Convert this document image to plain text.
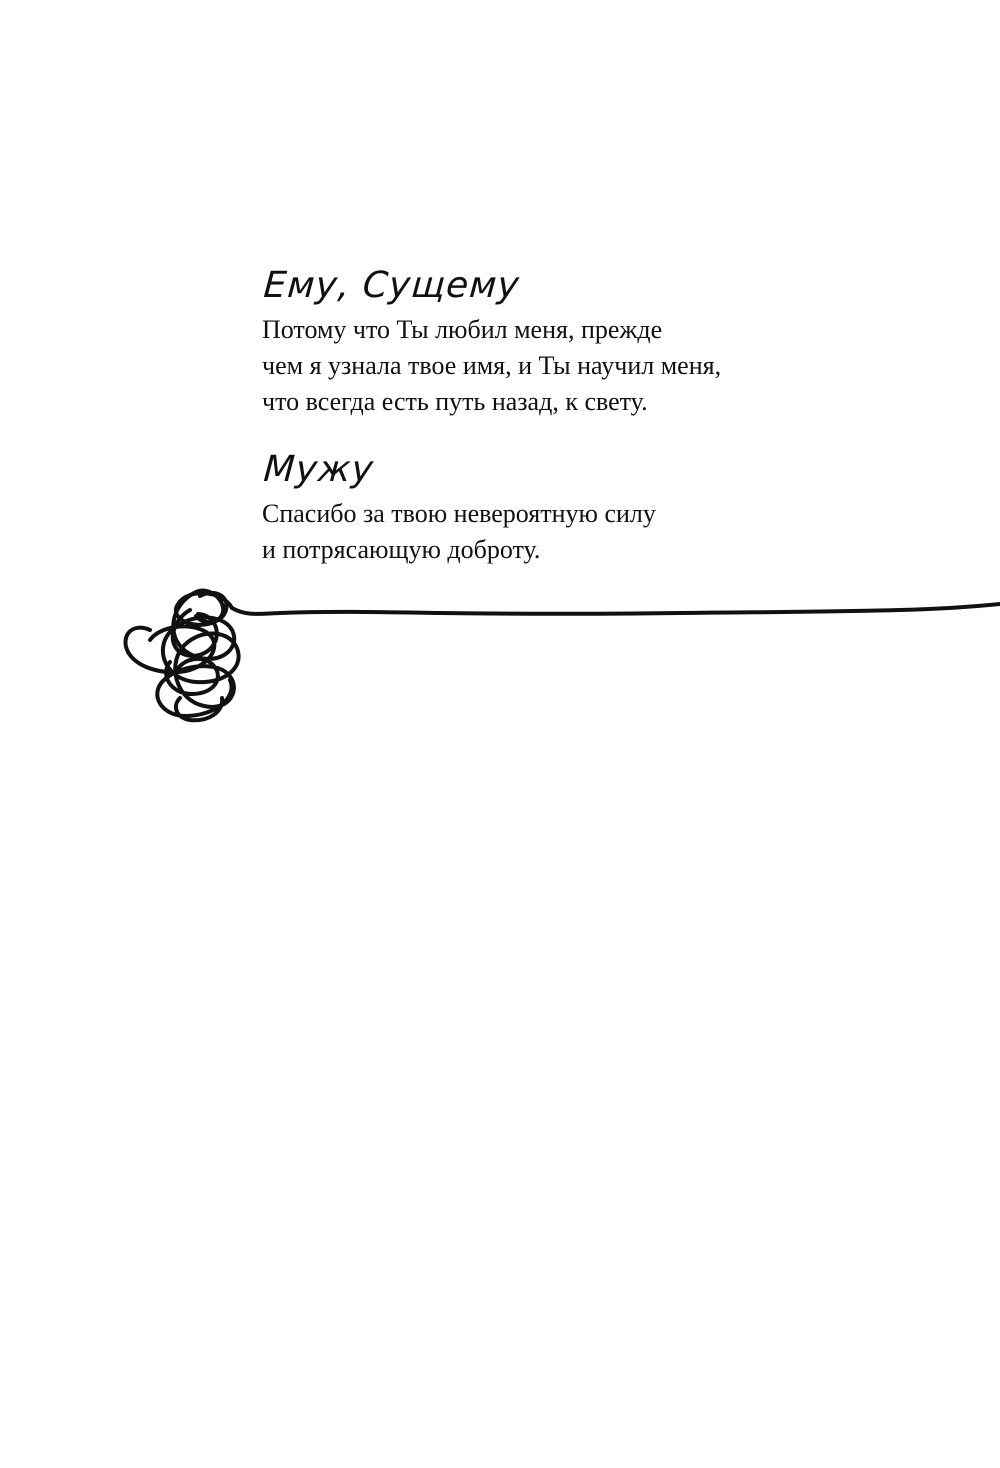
Ему, Сущему

Потому что Ты любил меня, прежде
чем я узнала твое имя, и Ты научил меня,
что всегда есть путь назад, к свету.

Мужу

Спасибо за твою невероятную силу
и потрясающую доброту.
